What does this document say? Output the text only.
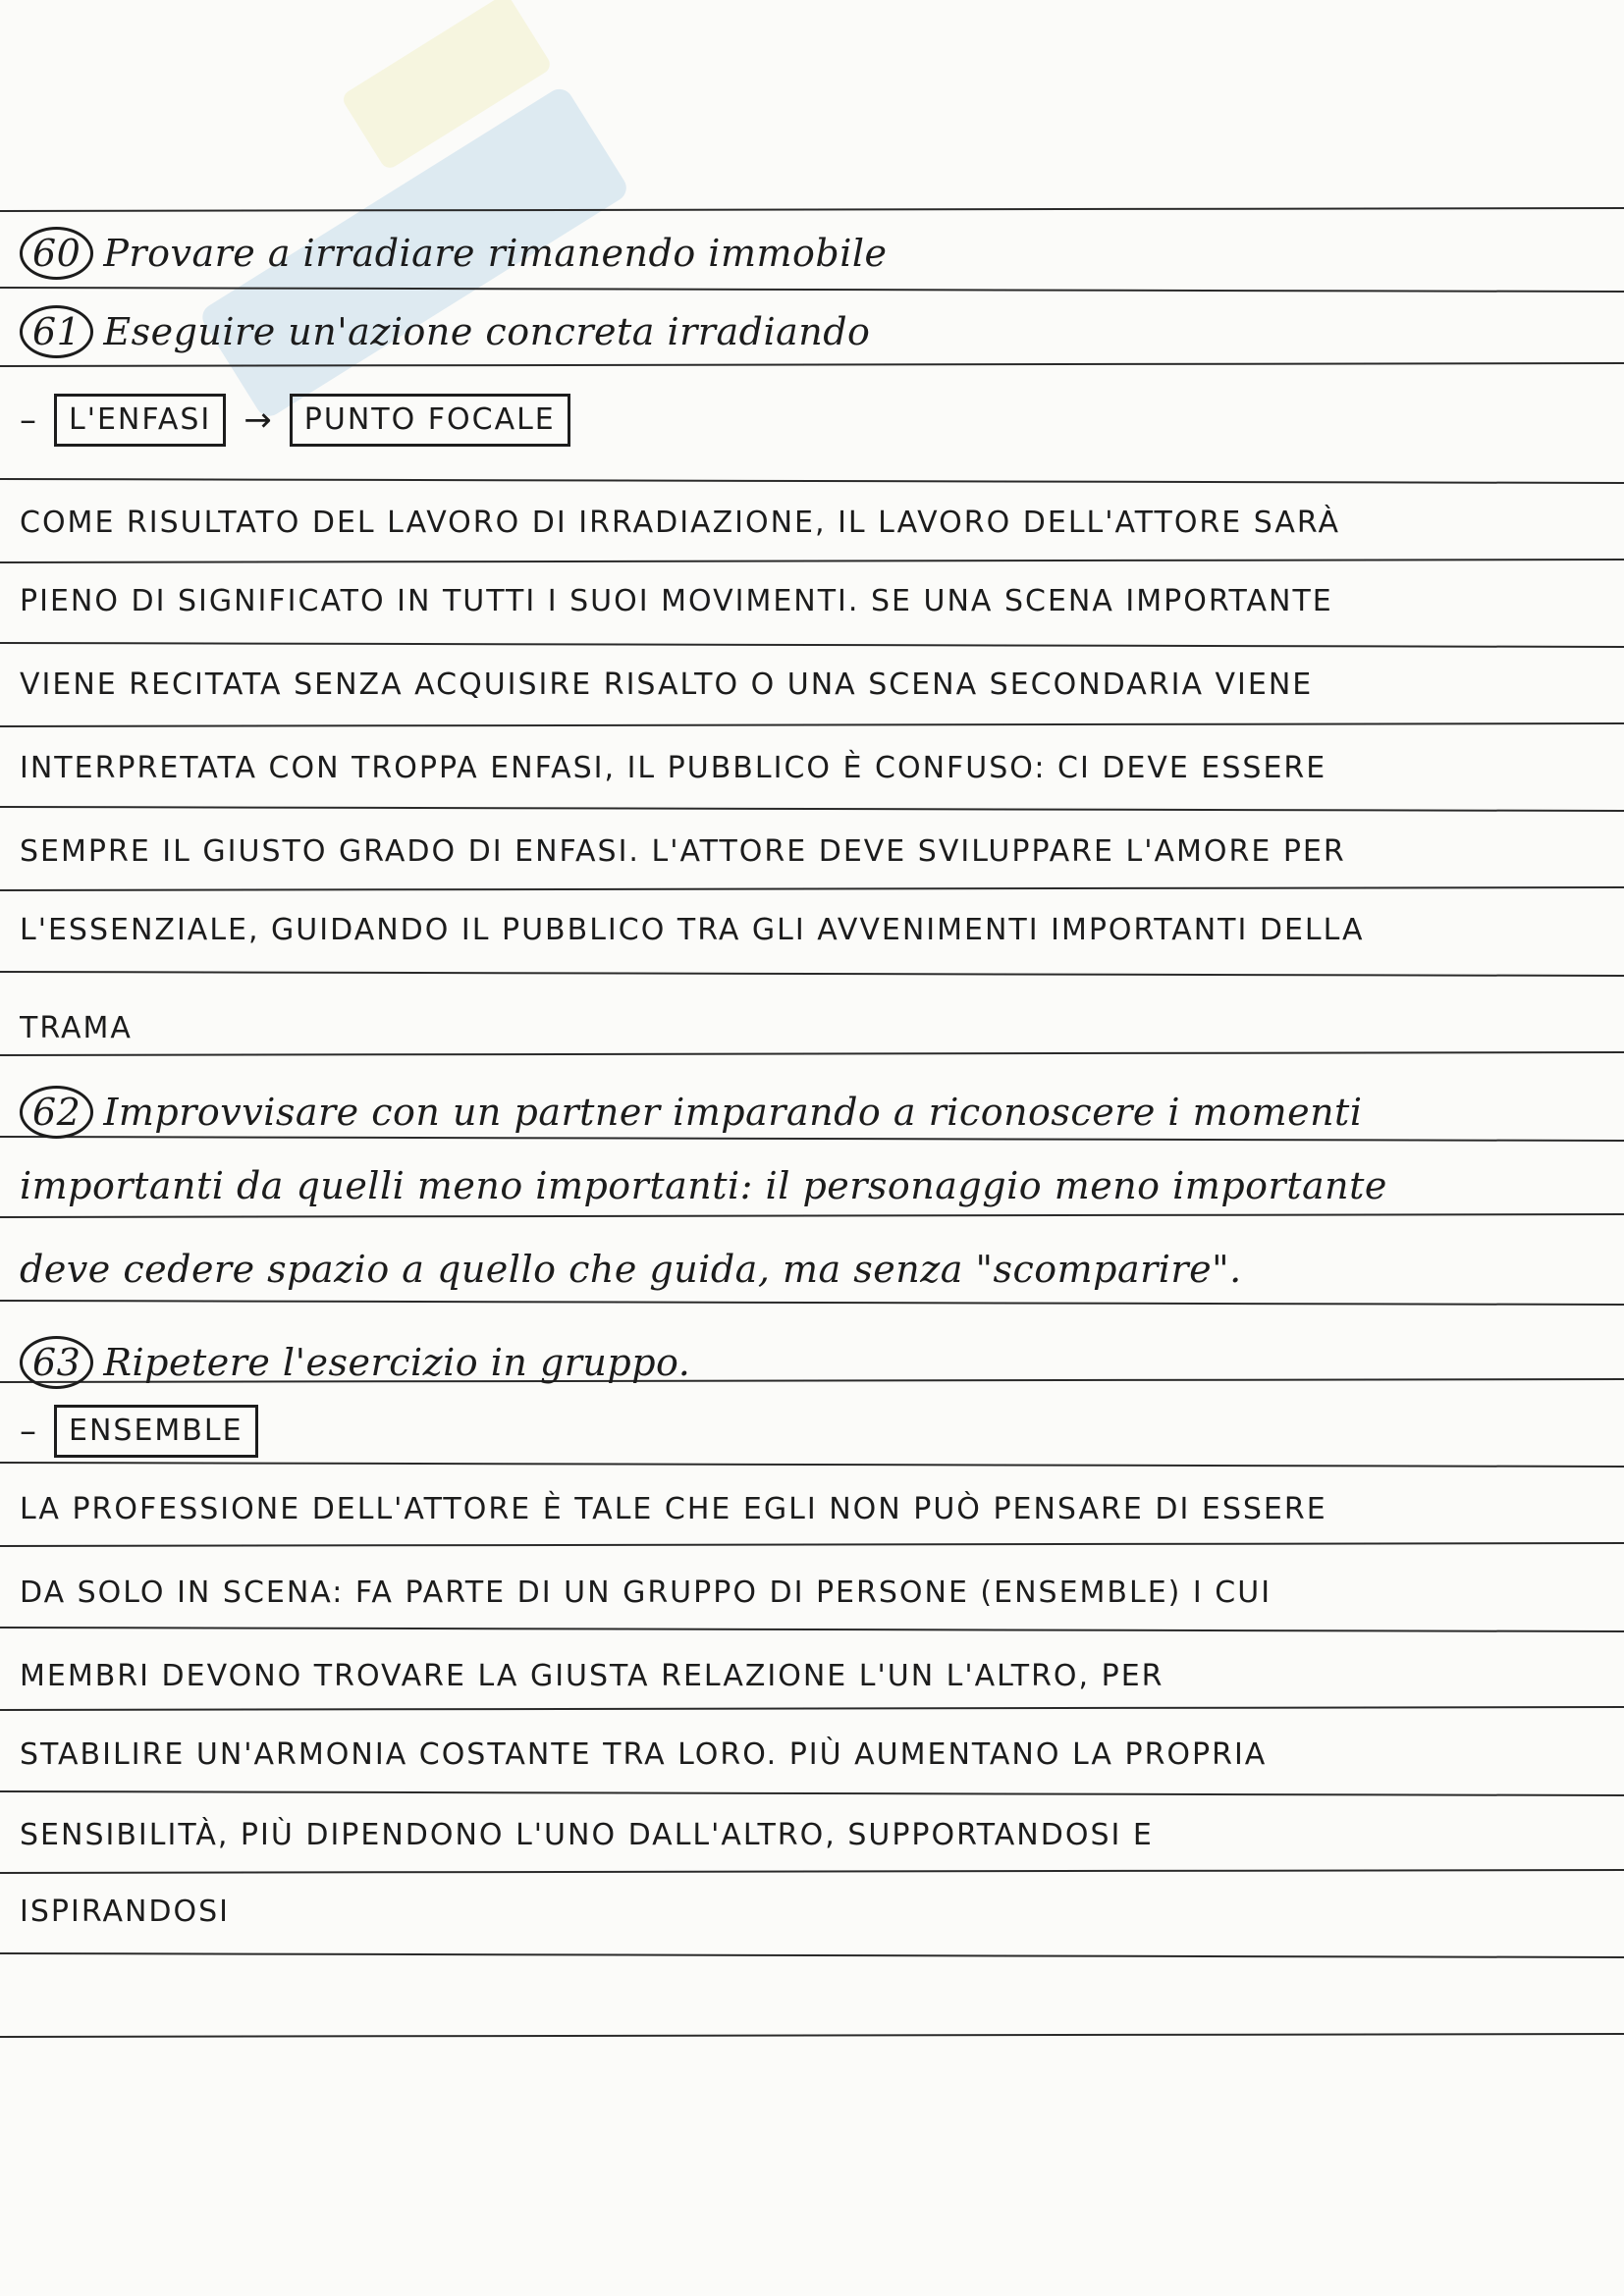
60 Provare a irradiare rimanendo immobile
61 Eseguire un'azione concreta irradiando
–	L'ENFASI →	PUNTO FOCALE
COME RISULTATO DEL LAVORO DI IRRADIAZIONE, IL LAVORO DELL'ATTORE SARÀ
PIENO DI SIGNIFICATO IN TUTTI I SUOI MOVIMENTI. SE UNA SCENA IMPORTANTE
VIENE RECITATA SENZA ACQUISIRE RISALTO O UNA SCENA SECONDARIA VIENE
INTERPRETATA CON TROPPA ENFASI, IL PUBBLICO È CONFUSO: CI DEVE ESSERE
SEMPRE IL GIUSTO GRADO DI ENFASI. L'ATTORE DEVE SVILUPPARE L'AMORE PER
L'ESSENZIALE, GUIDANDO IL PUBBLICO TRA GLI AVVENIMENTI IMPORTANTI DELLA
TRAMA
62 Improvvisare con un partner imparando a riconoscere i momenti
importanti da quelli meno importanti: il personaggio meno importante
deve cedere spazio a quello che guida, ma senza "scomparire".
63 Ripetere l'esercizio in gruppo.
–	ENSEMBLE
LA PROFESSIONE DELL'ATTORE È TALE CHE EGLI NON PUÒ PENSARE DI ESSERE
DA SOLO IN SCENA: FA PARTE DI UN GRUPPO DI PERSONE (ENSEMBLE) I CUI
MEMBRI DEVONO TROVARE LA GIUSTA RELAZIONE L'UN L'ALTRO, PER
STABILIRE UN'ARMONIA COSTANTE TRA LORO. PIÙ AUMENTANO LA PROPRIA
SENSIBILITÀ, PIÙ DIPENDONO L'UNO DALL'ALTRO, SUPPORTANDOSI E
ISPIRANDOSI
